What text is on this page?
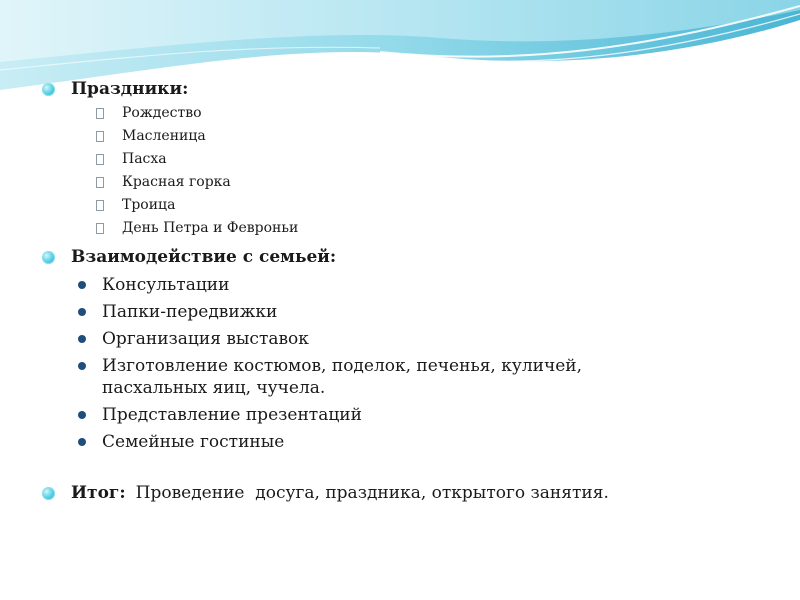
Праздники:
Рождество
Масленица
Пасха
Красная горка
Троица
День Петра и Февроньи
Взаимодействие с семьей:
Консультации
Папки-передвижки
Организация выставок
Изготовление костюмов, поделок, печенья, куличей, пасхальных яиц, чучела.
Представление презентаций
Семейные гостиные
Итог: Проведение  досуга, праздника, открытого занятия.
